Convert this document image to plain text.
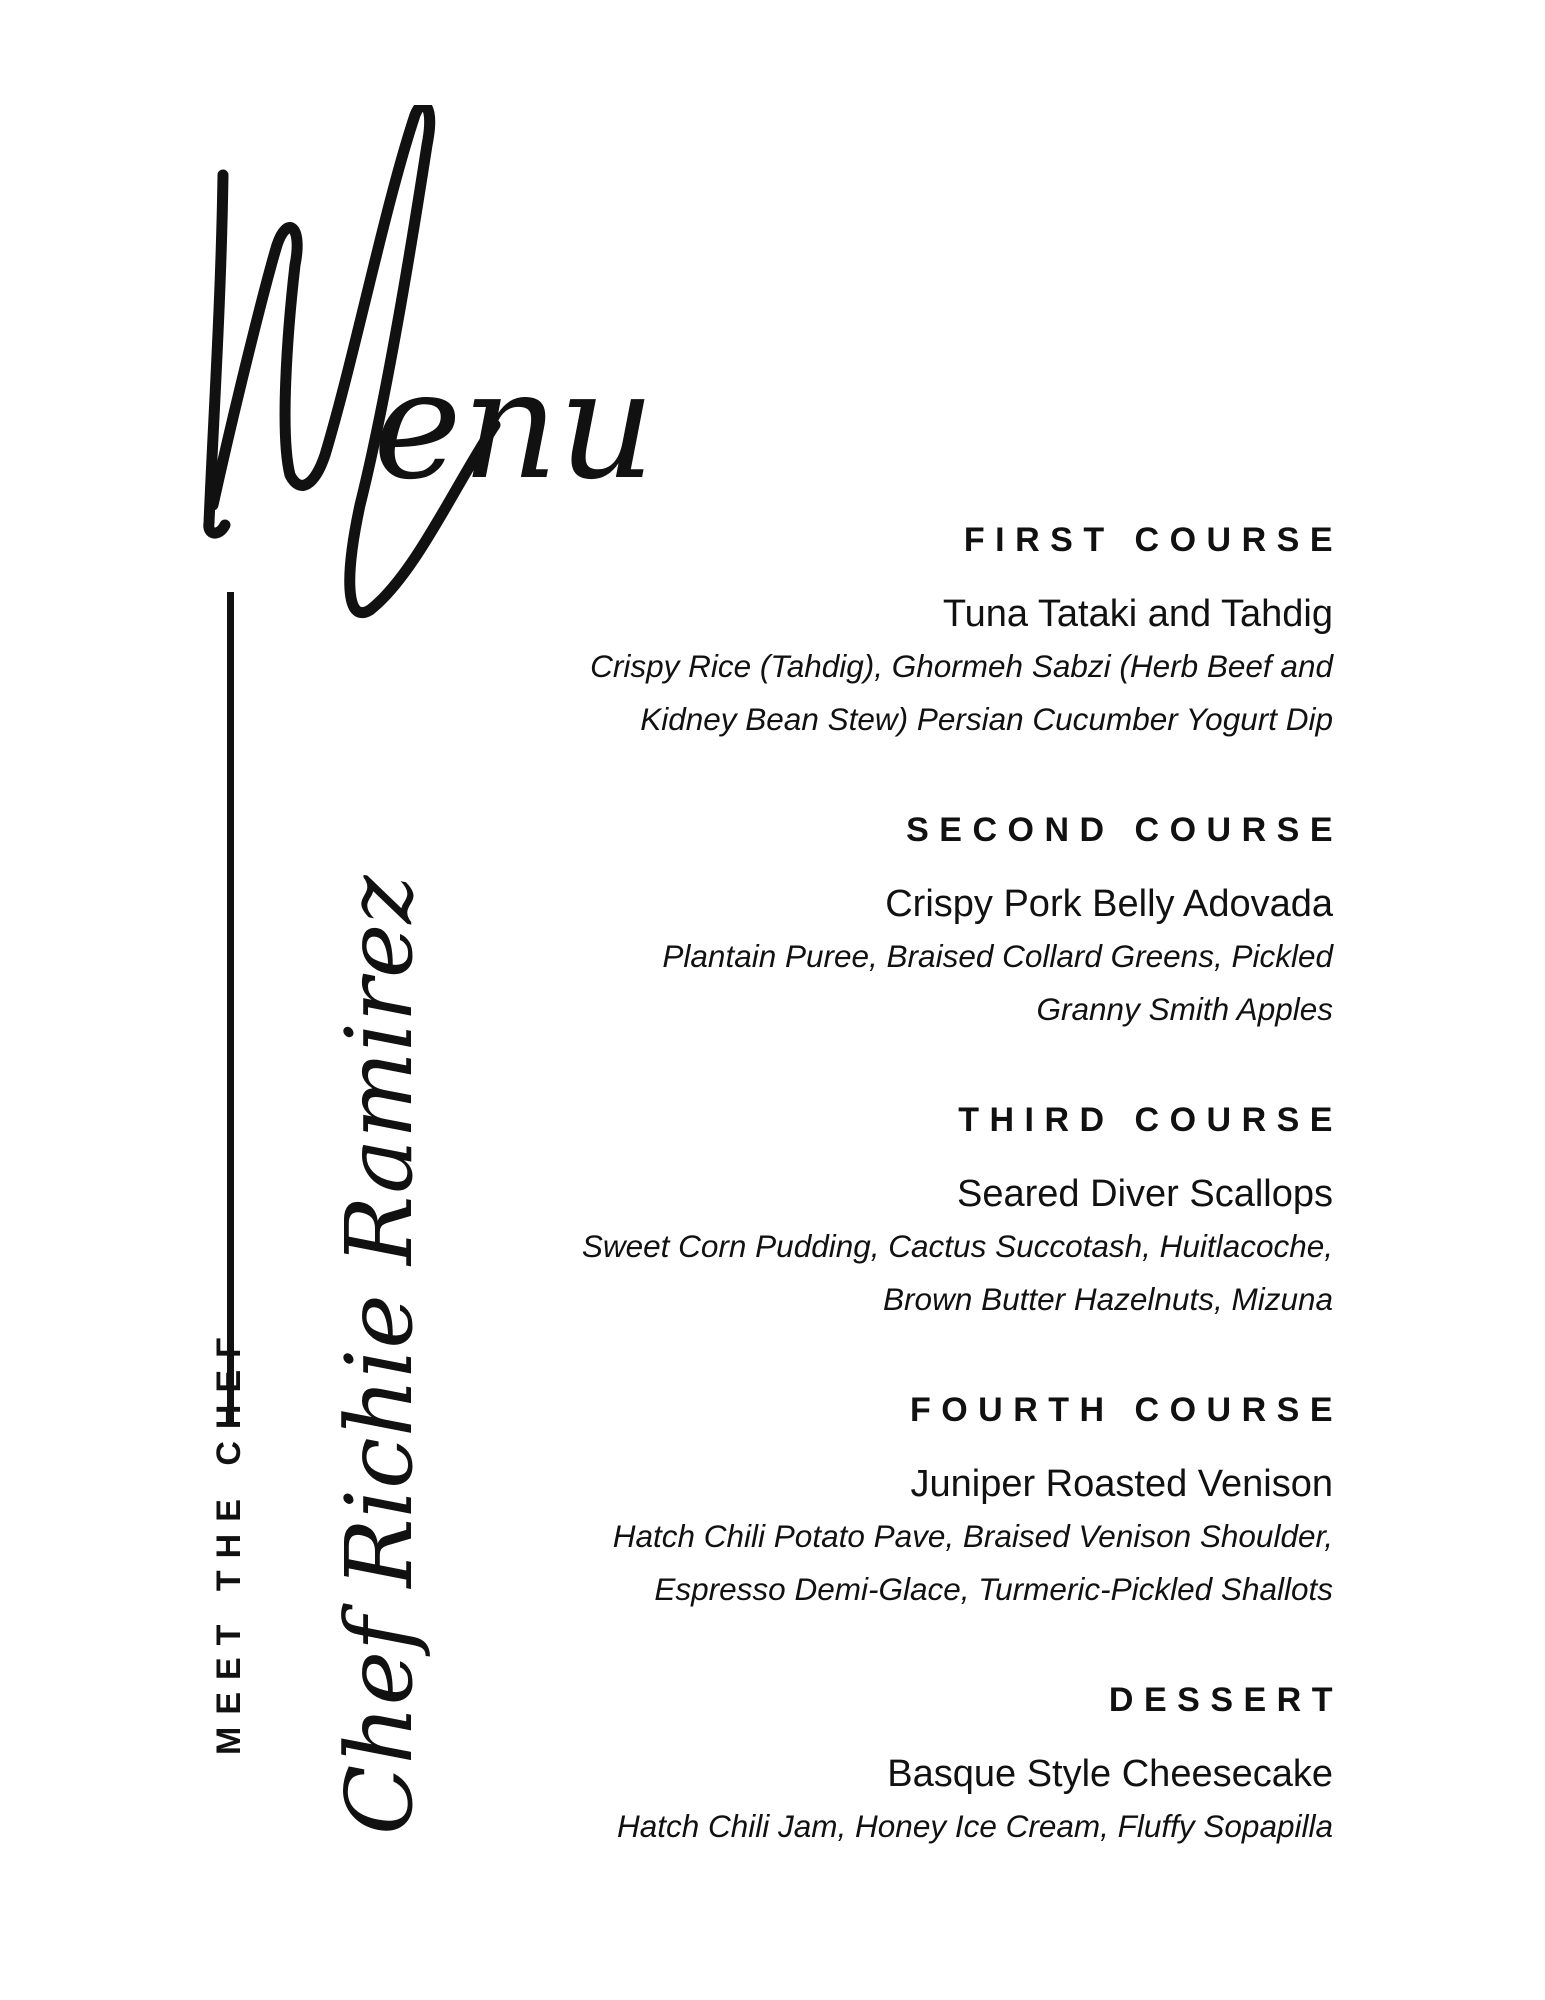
enu
MEET THE CHEF Chef Richie Ramirez
FIRST COURSE
Tuna Tataki and Tahdig
Crispy Rice (Tahdig), Ghormeh Sabzi (Herb Beef and
Kidney Bean Stew) Persian Cucumber Yogurt Dip
SECOND COURSE
Crispy Pork Belly Adovada
Plantain Puree, Braised Collard Greens, Pickled
Granny Smith Apples
THIRD COURSE
Seared Diver Scallops
Sweet Corn Pudding, Cactus Succotash, Huitlacoche,
Brown Butter Hazelnuts, Mizuna
FOURTH COURSE
Juniper Roasted Venison
Hatch Chili Potato Pave, Braised Venison Shoulder,
Espresso Demi-Glace, Turmeric-Pickled Shallots
DESSERT
Basque Style Cheesecake
Hatch Chili Jam, Honey Ice Cream, Fluffy Sopapilla
